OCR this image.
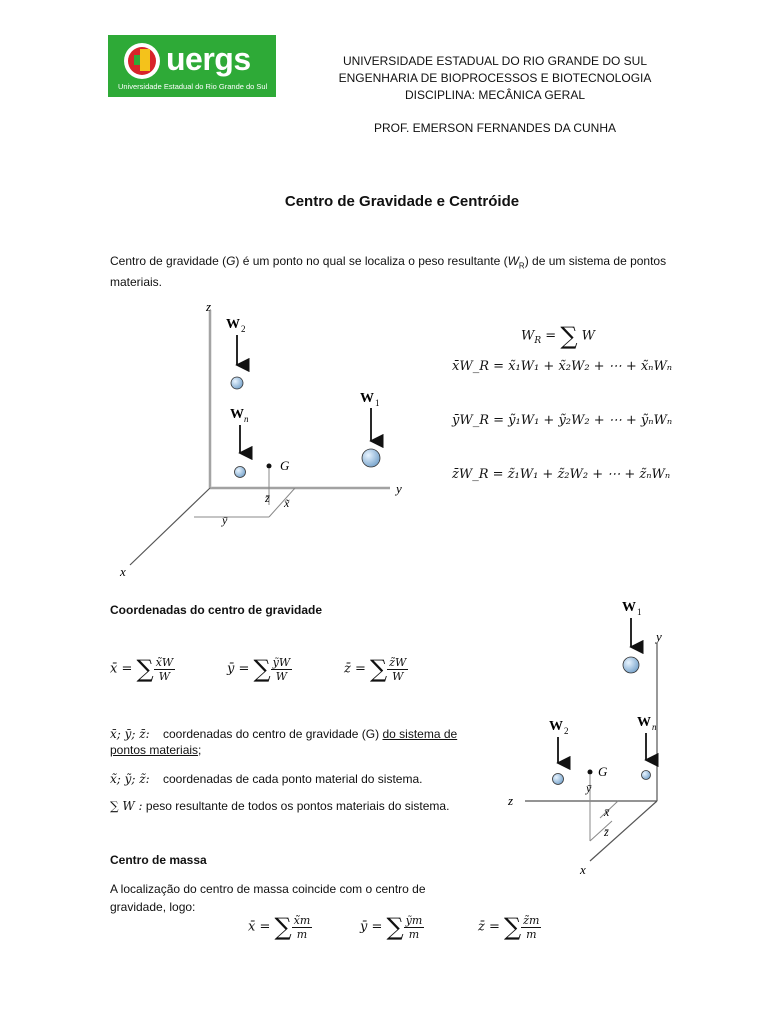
uergs
Universidade Estadual do Rio Grande do Sul
UNIVERSIDADE ESTADUAL DO RIO GRANDE DO SUL
ENGENHARIA DE BIOPROCESSOS E BIOTECNOLOGIA
DISCIPLINA: MECÂNICA GERAL
PROF. EMERSON FERNANDES DA CUNHA
Centro de Gravidade e Centróide
Centro de gravidade (G) é um ponto no qual se localiza o peso resultante $(W_R)$ de um sistema de pontos materiais.
z
y
x
W 2
W n
W 1
G
z̄ x̃
ȳ
$W_R$ = ∑ W
x̄W_R = x̃₁W₁ + x̃₂W₂ + ⋯ + x̃ₙWₙ
ȳW_R = ỹ₁W₁ + ỹ₂W₂ + ⋯ + ỹₙWₙ
z̄W_R = z̃₁W₁ + z̃₂W₂ + ⋯ + z̃ₙWₙ
Coordenadas do centro de gravidade
x̄ = ∑ $\frac{x̃W}{W}$	ȳ = ∑ $\frac{\text{ỹW}}{W}$	z̄ = ∑ $\frac{z̃W}{W}$
x̄; ȳ; z̄: coordenadas do centro de gravidade (G) do sistema de pontos materiais;
x̃; ỹ; z̃: coordenadas de cada ponto material do sistema.
∑ W : peso resultante de todos os pontos materiais do sistema.
y
z
x
W 1
W 2
W n
G
ȳ
x̄
z̄
Centro de massa
A localização do centro de massa coincide com o centro de gravidade, logo:
x̄ = ∑ $\frac{x̃m}{m}$	ȳ = ∑ $\frac{\text{ỹm}}{m}$	z̄ = ∑ $\frac{z̃m}{m}$
